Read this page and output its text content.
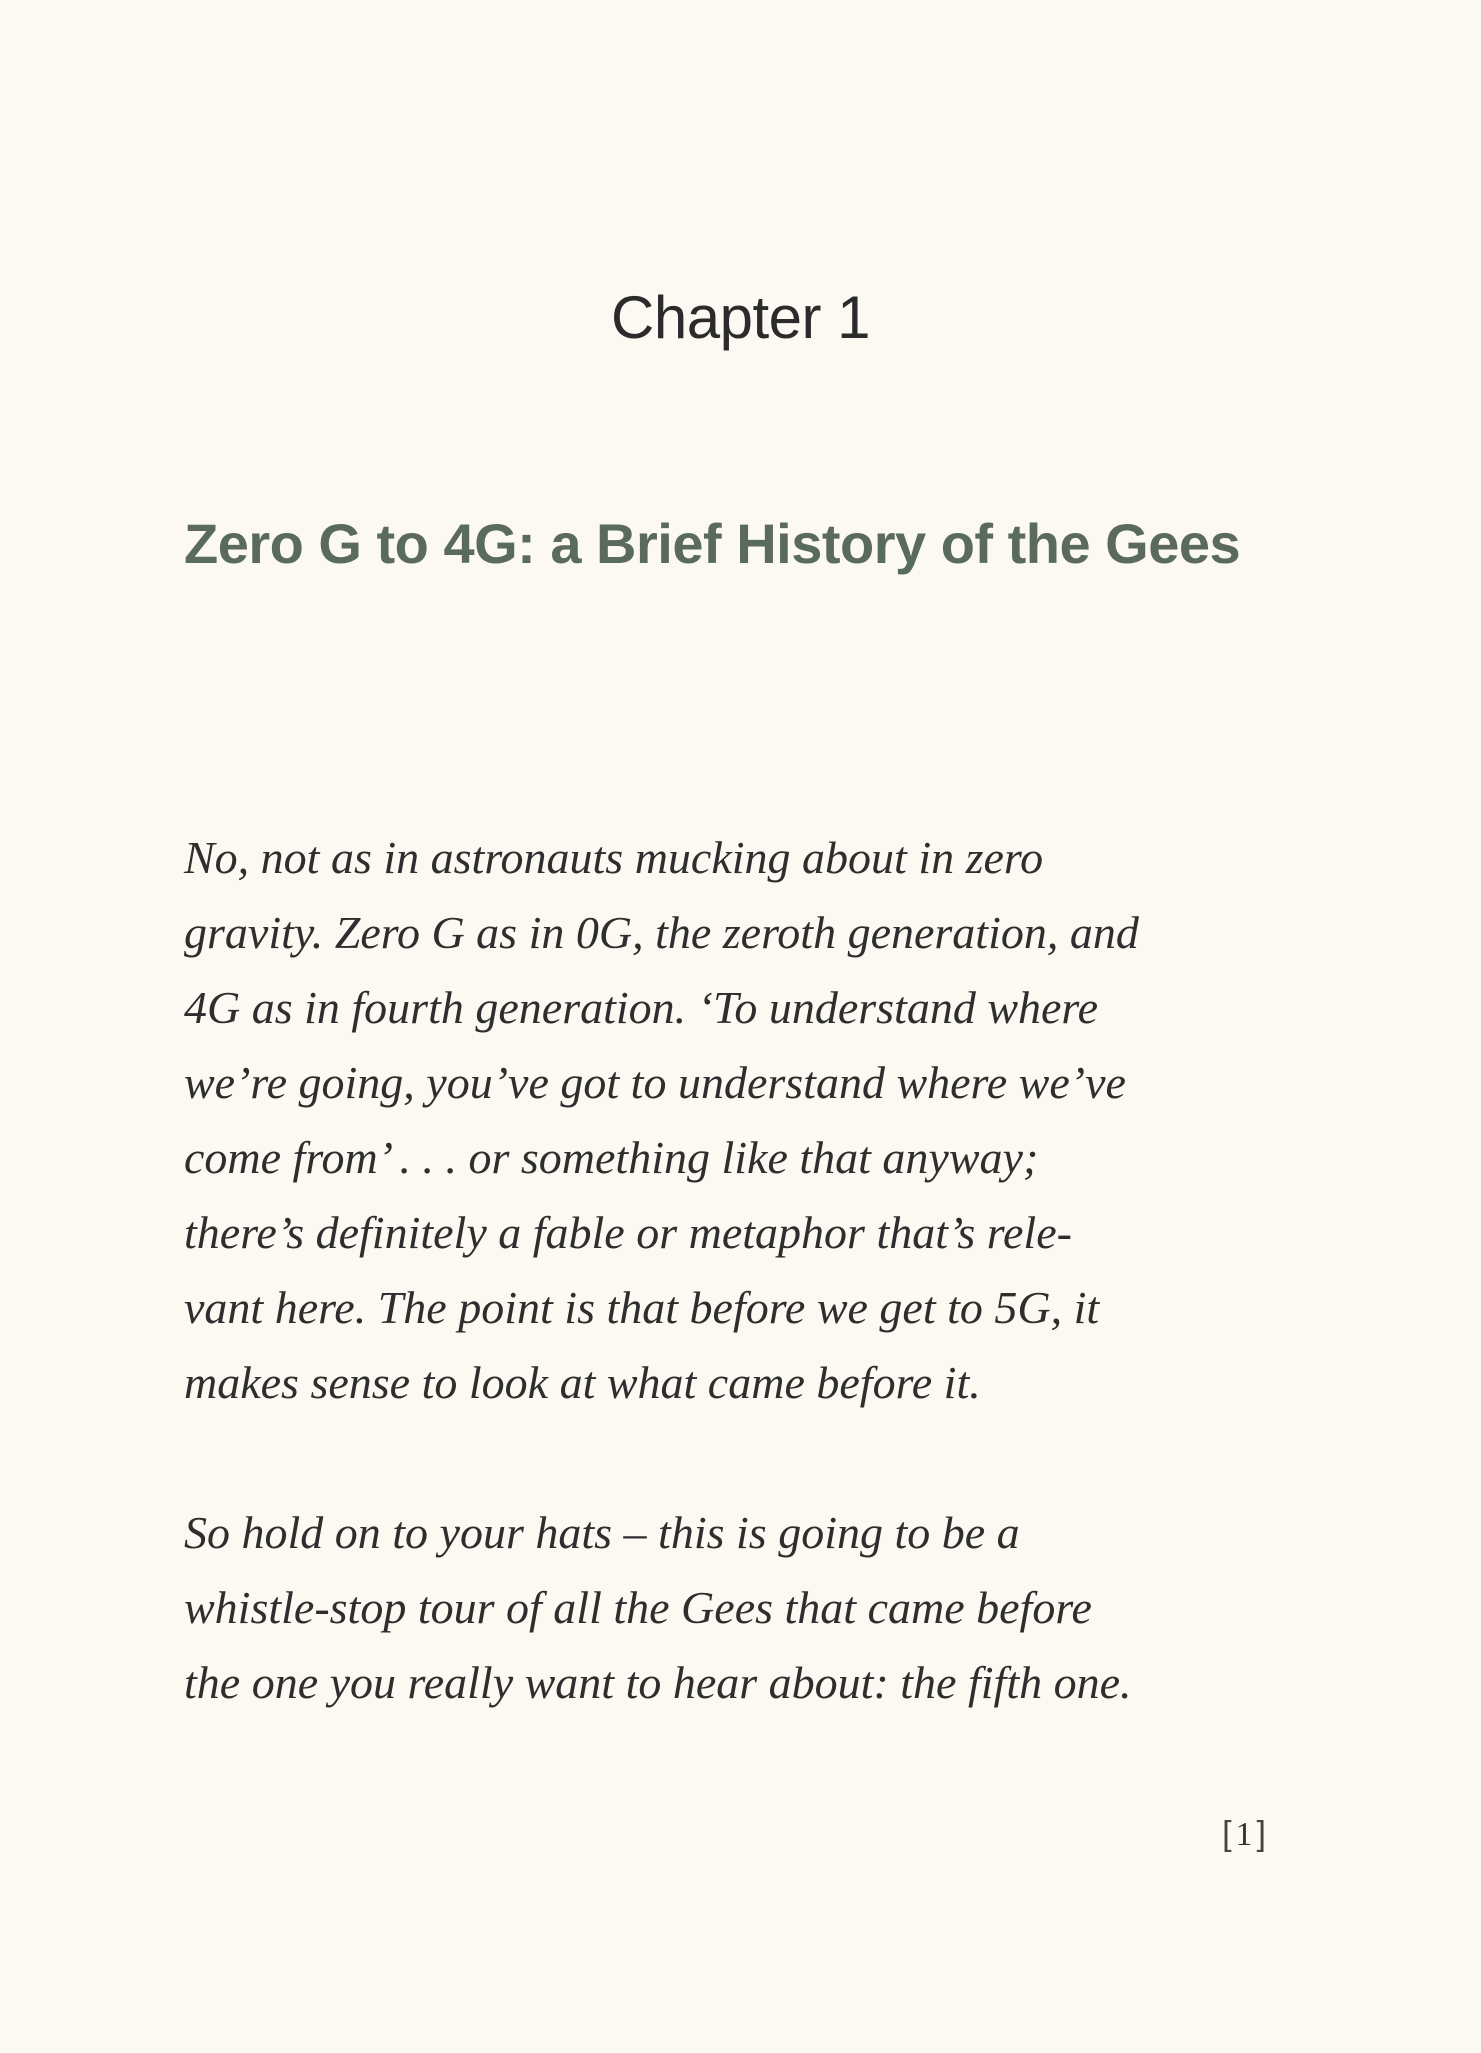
Chapter 1
Zero G to 4G: a Brief History of the Gees

No, not as in astronauts mucking about in zero
gravity. Zero G as in 0G, the zeroth generation, and
4G as in fourth generation. ‘To understand where
we’re going, you’ve got to understand where we’ve
come from’ . . . or something like that anyway;
there’s definitely a fable or metaphor that’s rele-
vant here. The point is that before we get to 5G, it
makes sense to look at what came before it.

So hold on to your hats – this is going to be a
whistle-stop tour of all the Gees that came before
the one you really want to hear about: the fifth one.

[1]
